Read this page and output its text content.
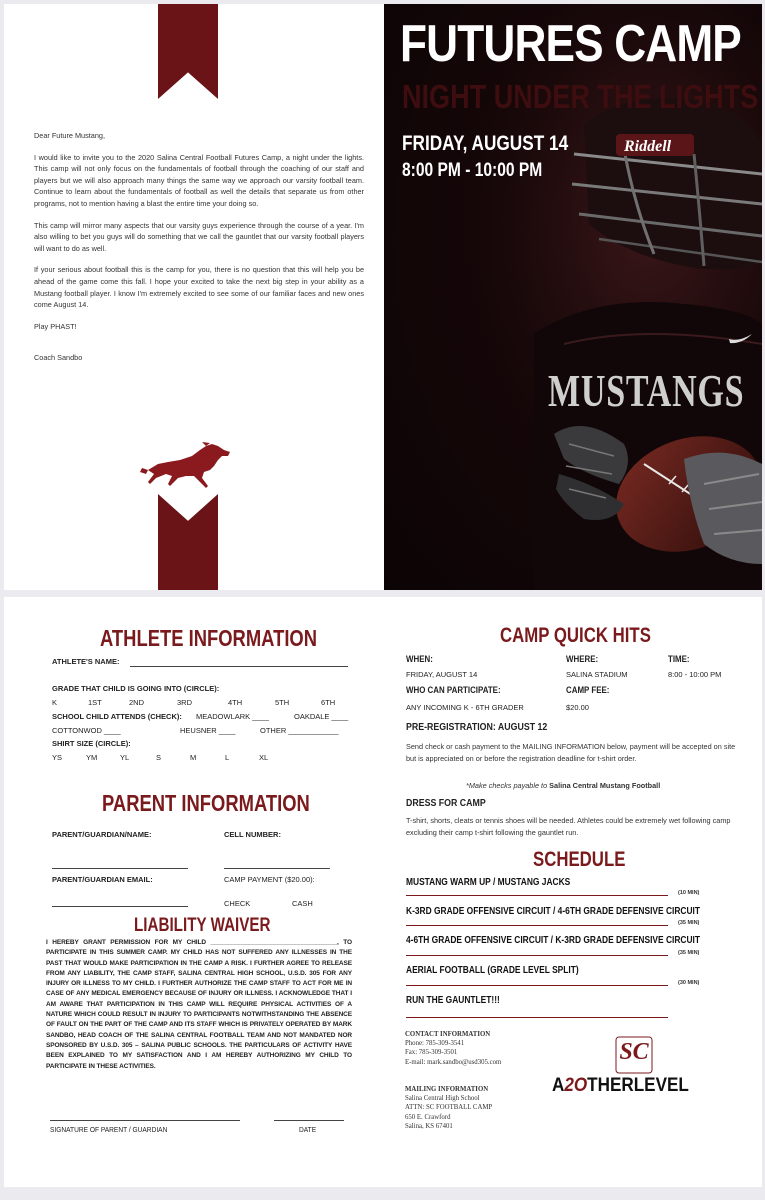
Dear Future Mustang,

I would like to invite you to the 2020 Salina Central Football Futures Camp, a night under the lights. This camp will not only focus on the fundamentals of football through the coaching of our staff and players but we will also approach many things the same way we approach our varsity football team. Continue to learn about the fundamentals of football as well the details that separate us from other programs, not to mention having a blast the entire time your doing so.

This camp will mirror many aspects that our varsity guys experience through the course of a year. I'm also willing to bet you guys will do something that we call the gauntlet that our varsity football players will want to do as well.

If your serious about football this is the camp for you, there is no question that this will help you be ahead of the game come this fall. I hope your excited to take the next big step in your ability as a Mustang football player. I know I'm extremely excited to see some of our familiar faces and new ones come August 14.

Play PHAST!

Coach Sandbo

Riddell
MUSTANGS
FUTURES CAMP
NIGHT UNDER THE LIGHTS
FRIDAY, AUGUST 14
8:00 PM - 10:00 PM
ATHLETE INFORMATION
ATHLETE'S NAME:
GRADE THAT CHILD IS GOING INTO (CIRCLE):
K	1ST	2ND	3RD	4TH	5TH	6TH
SCHOOL CHILD ATTENDS (CHECK): MEADOWLARK ____	OAKDALE ____
COTTONWOD ____	HEUSNER ____	OTHER ____________
SHIRT SIZE (CIRCLE):
YS	YM	YL	S	M	L	XL
PARENT INFORMATION
PARENT/GUARDIAN/NAME:	CELL NUMBER:
PARENT/GUARDIAN EMAIL:	CAMP PAYMENT ($20.00):
CHECK	CASH
LIABILITY WAIVER
I HEREBY GRANT PERMISSION FOR MY CHILD ____________________________________, TO PARTICIPATE IN THIS SUMMER CAMP. MY CHILD HAS NOT SUFFERED ANY ILLNESSES IN THE PAST THAT WOULD MAKE PARTICIPATION IN THE CAMP A RISK. I FURTHER AGREE TO RELEASE FROM ANY LIABILITY, THE CAMP STAFF, SALINA CENTRAL HIGH SCHOOL, U.S.D. 305 FOR ANY INJURY OR ILLNESS TO MY CHILD. I FURTHER AUTHORIZE THE CAMP STAFF TO ACT FOR ME IN CASE OF ANY MEDICAL EMERGENCY BECAUSE OF INJURY OR ILLNESS. I ACKNOWLEDGE THAT I AM AWARE THAT PARTICIPATION IN THIS CAMP WILL REQUIRE PHYSICAL ACTIVITIES OF A NATURE WHICH COULD RESULT IN INJURY TO PARTICIPANTS NOTWITHSTANDING THE ABSENCE OF FAULT ON THE PART OF THE CAMP AND ITS STAFF WHICH IS PRIVATELY OPERATED BY MARK SANDBO, HEAD COACH OF THE SALINA CENTRAL FOOTBALL TEAM AND NOT MANDATED NOR SPONSORED BY U.S.D. 305 – SALINA PUBLIC SCHOOLS. THE PARTICULARS OF ACTIVITY HAVE BEEN EXPLAINED TO MY SATISFACTION AND I AM HEREBY AUTHORIZING MY CHILD TO PARTICIPATE IN THESE ACTIVITIES.
SIGNATURE OF PARENT / GUARDIAN	DATE
CAMP QUICK HITS
WHEN:	WHERE:	TIME:
FRIDAY, AUGUST 14	SALINA STADIUM	8:00 - 10:00 PM
WHO CAN PARTICIPATE:	CAMP FEE:
ANY INCOMING K - 6TH GRADER	$20.00
PRE-REGISTRATION: AUGUST 12
Send check or cash payment to the MAILING INFORMATION below, payment will be accepted on site but is appreciated on or before the registration deadline for t-shirt order.
*Make checks payable to Salina Central Mustang Football
DRESS FOR CAMP
T-shirt, shorts, cleats or tennis shoes will be needed. Athletes could be extremely wet following camp excluding their camp t-shirt following the gauntlet run.
SCHEDULE
MUSTANG WARM UP / MUSTANG JACKS
(10 MIN)
K-3RD GRADE OFFENSIVE CIRCUIT / 4-6TH GRADE DEFENSIVE CIRCUIT
(35 MIN)
4-6TH GRADE OFFENSIVE CIRCUIT / K-3RD GRADE DEFENSIVE CIRCUIT
(35 MIN)
AERIAL FOOTBALL (GRADE LEVEL SPLIT)
(30 MIN)
RUN THE GAUNTLET!!!
CONTACT INFORMATION
Phone: 785-309-3541
Fax: 785-309-3501
E-mail: mark.sandbo@usd305.com
MAILING INFORMATION
Salina Central High School
ATTN: SC FOOTBALL CAMP
650 E. Crawford
Salina, KS 67401
SC
A2OTHERLEVEL
